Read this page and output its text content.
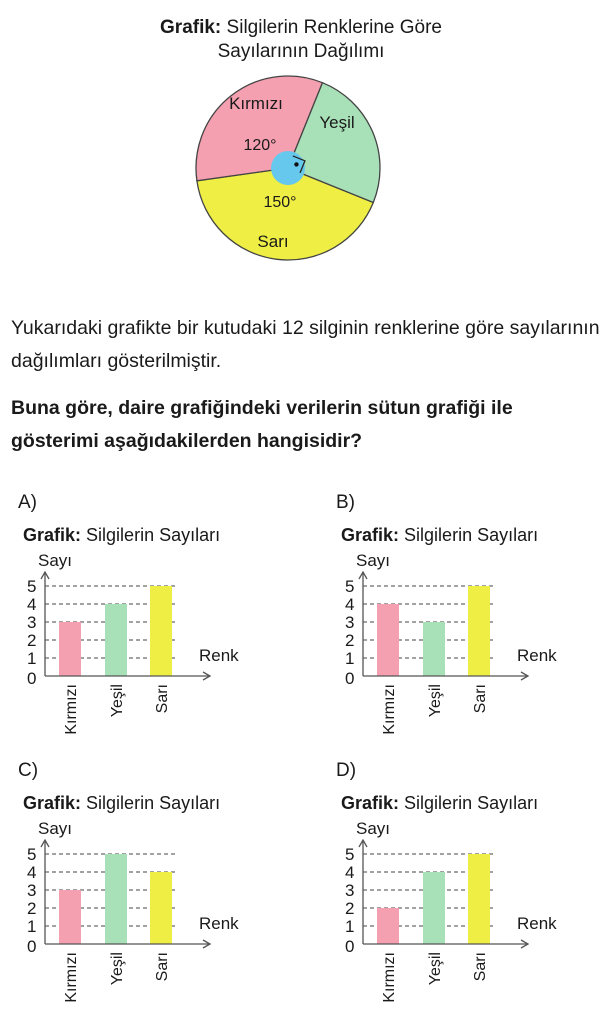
Grafik: Silgilerin Renklerine Göre
Sayılarının Dağılımı
Kırmızı
Yeşil
Sarı
120°
150°
Yukarıdaki grafikte bir kutudaki 12 silginin renklerine göre sayılarının dağılımları gösterilmiştir.
Buna göre, daire grafiğindeki verilerin sütun grafiği ile gösterimi aşağıdakilerden hangisidir?
A)
Grafik: Silgilerin Sayıları
1
2
3
4
5
0
Sayı
Renk
Kırmızı Yeşil Sarı
B)
Grafik: Silgilerin Sayıları
1
2
3
4
5
0
Sayı
Renk
Kırmızı Yeşil Sarı
C)
Grafik: Silgilerin Sayıları
1
2
3
4
5
0
Sayı
Renk
Kırmızı Yeşil Sarı
D)
Grafik: Silgilerin Sayıları
1
2
3
4
5
0
Sayı
Renk
Kırmızı Yeşil Sarı
